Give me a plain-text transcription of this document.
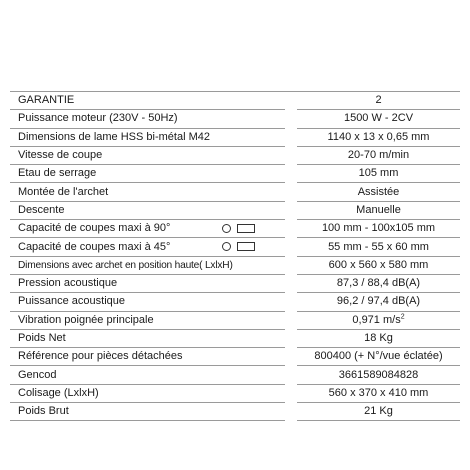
GARANTIE		2
Puissance moteur (230V - 50Hz)		1500 W - 2CV
Dimensions de lame HSS bi-métal M42		1140 x 13 x 0,65 mm
Vitesse de coupe		20-70 m/min
Etau de serrage		105 mm
Montée de l'archet		Assistée
Descente		Manuelle
Capacité de coupes maxi à 90°		100 mm - 100x105 mm
Capacité de coupes maxi à 45°		55 mm - 55 x 60 mm
Dimensions avec archet en position haute( LxlxH)		600 x 560 x 580 mm
Pression acoustique		87,3 / 88,4 dB(A)
Puissance acoustique		96,2 / 97,4 dB(A)
Vibration poignée principale		0,971 $m/s^2$
Poids Net		18 Kg
Référence pour pièces détachées		800400 (+ N°/vue éclatée)
Gencod		3661589084828
Colisage (LxlxH)		560 x 370 x 410 mm
Poids Brut		21 Kg
